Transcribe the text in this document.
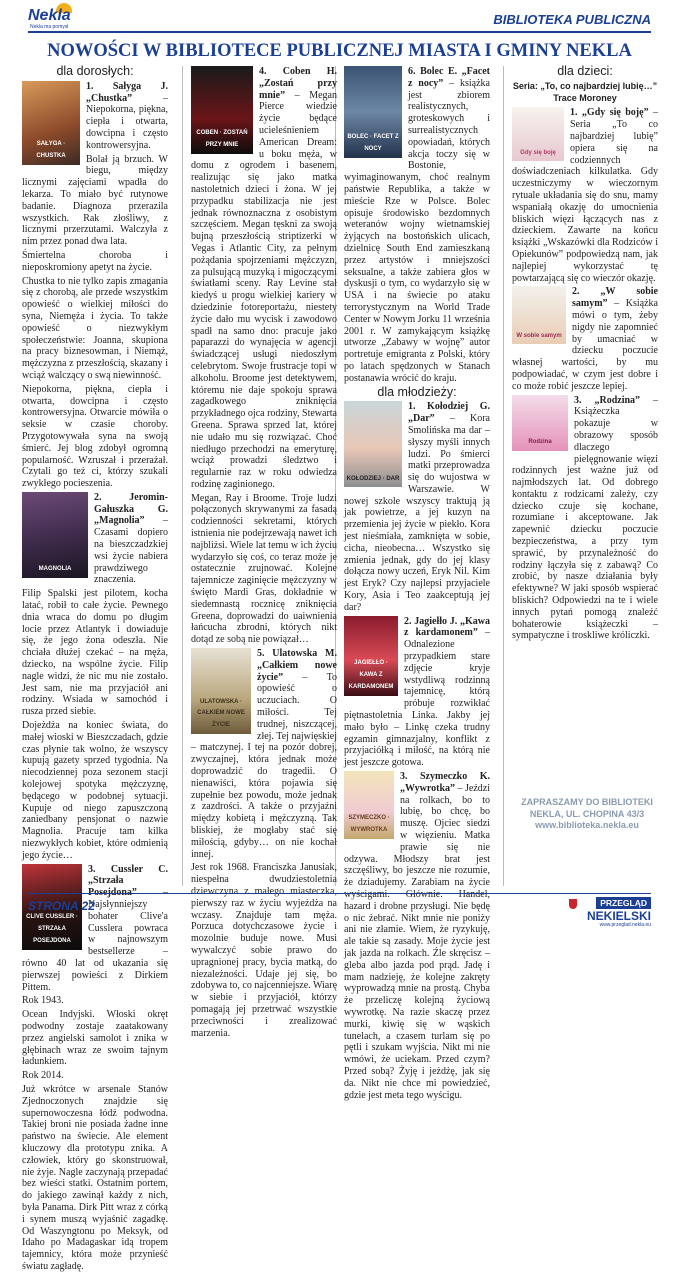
Nekla
Nekla ma pomysł	BIBLIOTEKA PUBLICZNA
NOWOŚCI W BIBLIOTECE PUBLICZNEJ MIASTA I GMINY NEKLA
dla dorosłych:
SAŁYGA · CHUSTKA

1. Sałyga J. „Chustka” – Niepokorna, piękna, ciepła i otwarta, dowcipna i często kontrowersyjna.

Bolał ją brzuch. W biegu, między licznymi zajęciami wpadła do lekarza. To miało być rutynowe badanie. Diagnoza przerazila wszystkich. Rak złośliwy, z licznymi przerzutami. Walczyła z nim przez ponad dwa lata.

Śmiertelna choroba i nieposkromiony apetyt na życie.

Chustka to nie tylko zapis zmagania się z chorobą, ale przede wszystkim opowieść o wielkiej miłości do syna, Niemęża i życia. To także opowieść o niezwykłym społeczeństwie: Joanna, skupiona na pracy biznesowman, i Niemąż, mężczyzna z przeszłością, skazany i wciąż walczący o swą niewinność.

Niepokorna, piękna, ciepła i otwarta, dowcipna i często kontrowersyjna. Otwarcie mówiła o seksie w czasie choroby. Przygotowywała syna na swoją śmierć. Jej blog zdobył ogromną popularność. Wzruszał i przerażał. Czytali go też ci, którzy szukali zwykłego pocieszenia.

MAGNOLIA

2. Jeromin-Gałuszka G. „Magnolia” – Czasami dopiero na bieszczadzkiej wsi życie nabiera prawdziwego znaczenia.

Filip Spalski jest pilotem, kocha latać, robił to całe życie. Pewnego dnia wraca do domu po długim locie przez Atlantyk i dowiaduje się, że jego żona odeszła. Nie chciała dłużej czekać – na męża, dziecko, na wspólne życie. Filip nagle widzi, że nic mu nie zostało. Jest sam, nie ma przyjaciół ani rodziny. Wsiada w samochód i rusza przed siebie.

Dojeżdża na koniec świata, do małej wioski w Bieszczadach, gdzie czas płynie tak wolno, że wszyscy kupują gazety sprzed tygodnia. Na niecodziennej poza sezonem stacji kolejowej spotyka mężczyznę, będącego w podobnej sytuacji. Kupuje od niego zapuszczoną zaniedbany pensjonat o nazwie Magnolia. Pracuje tam kilka niezwykłych kobiet, które odmienią jego życie…

CLIVE CUSSLER · STRZAŁA POSEJDONA

3. Cussler C. „Strzała Posejdona” – Najsłynniejszy bohater Clive'a Cusslera powraca w najnowszym bestsellerze – równo 40 lat od ukazania się pierwszej powieści z Dirkiem Pittem.

Rok 1943.

Ocean Indyjski. Włoski okręt podwodny zostaje zaatakowany przez angielski samolot i znika w głębinach wraz ze swoim tajnym ładunkiem.

Rok 2014.

Już wkrótce w arsenale Stanów Zjednoczonych znajdzie się supernowoczesna łódź podwodna. Takiej broni nie posiada żadne inne państwo na świecie. Ale element kluczowy dla prototypu znika. A człowiek, który go skonstruował, nie żyje. Nagle zaczynają przepadać bez wieści statki. Ostatnim portem, do jakiego zawinął każdy z nich, była Panama. Dirk Pitt wraz z córką i synem muszą wyjaśnić zagadkę. Od Waszyngtonu po Meksyk, od Idaho po Madagaskar idą tropem tajemnicy, która może przynieść światu zagładę.

COBEN · ZOSTAŃ PRZY MNIE

4. Coben H. „Zostań przy mnie” – Megan Pierce wiedzie życie będące ucieleśnieniem American Dream: u boku męża, w domu z ogrodem i basenem, realizując się jako matka nastoletnich dzieci i żona. W jej przypadku stabilizacja nie jest jednak równoznaczna z osobistym szczęściem. Megan tęskni za swoją bujną przeszłością striptizerki w Vegas i Atlantic City, za pełnym pożądania spojrzeniami mężczyzn, za pulsującą muzyką i migoczącymi światłami sceny. Ray Levine stał kiedyś u progu wielkiej kariery w dziedzinie fotoreportażu, niestety życie dało mu wycisk i zawodowo spadł na samo dno: pracuje jako paparazzi do wynajęcia w agencji świadczącej usługi niedoszłym celebrytom. Swoje frustracje topi w alkoholu. Broome jest detektywem, któremu nie daje spokoju sprawa zagadkowego zniknięcia przykładnego ojca rodziny, Stewarta Greena. Sprawa sprzed lat, której nie udało mu się rozwiązać. Choć niedługo przechodzi na emeryturę, wciąż prowadzi śledztwo i regularnie raz w roku odwiedza rodzinę zaginionego.

Megan, Ray i Broome. Troje ludzi połączonych skrywanymi za fasadą codzienności sekretami, których istnienia nie podejrzewają nawet ich najbliżsi. Wiele lat temu w ich życiu wydarzyło się coś, co teraz może je ostatecznie zrujnować. Kolejne tajemnicze zaginięcie mężczyzny w święto Mardi Gras, dokładnie w siedemnastą rocznicę zniknięcia Greena, doprowadzi do uaiwnienia łańcucha zbrodni, których nikt dotąd ze sobą nie powiązał…

ULATOWSKA · CAŁKIEM NOWE ŻYCIE

5. Ulatowska M. „Całkiem nowe życie” – To opowieść o uczuciach. O miłości. Tej trudnej, niszczącej, złej. Tej najwięskiej – matczynej. I tej na pozór dobrej, zwyczajnej, która jednak może doprowadzić do tragedii. O nienawiści, która pojawia się zupełnie bez powodu, może jednak z zazdrości. A także o przyjaźni między kobietą i mężczyzną. Tak bliskiej, że mogłaby stać się miłością, gdyby… on nie kochał innej.

Jest rok 1968. Franciszka Janusiak, niespełna dwudziestoletnia dziewczyna z małego miasteczka, pierwszy raz w życiu wyjeżdża na wczasy. Znajduje tam męża. Porzuca dotychczasowe życie i mozolnie buduje nowe. Musi wywalczyć sobie prawo do upragnionej pracy, bycia matką, do niezależności. Udaje jej się, bo zdobywa to, co najcenniejsze. Wiarę w siebie i przyjaciół, którzy pomagają jej przetrwać wszystkie przeciwności i zrealizować marzenia.

BOLEC · FACET Z NOCY

6. Bolec E. „Facet z nocy” – książka jest zbiorem realistycznych, groteskowych i surrealistycznych opowiadań, których akcja toczy się w Bostonie, wyimaginowanym, choć realnym państwie Republika, a także w mieście Rze w Polsce. Bolec opisuje środowisko bezdomnych weteranów wojny wietnamskiej żyjących na bostońskich ulicach, dzielnicę South End zamieszkaną przez artystów i mniejszości seksualne, a także zabiera głos w dyskusji o tym, co wydarzyło się w USA i na świecie po ataku terrorystycznym na World Trade Center w Nowym Jorku 11 września 2001 r. W zamykającym książkę utworze „Zabawy w wojnę” autor portretuje emigranta z Polski, który po latach spędzonych w Stanach postanawia wrócić do kraju.

dla młodzieży:
KOŁODZIEJ · DAR

1. Kołodziej G. „Dar” – Kora Smolińska ma dar – słyszy myśli innych ludzi. Po śmierci matki przeprowadza się do wujostwa w Warszawie. W nowej szkole wszyscy traktują ją jak powietrze, a jej kuzyn na przemienia jej życie w piekło. Kora jest nieśmiała, zamknięta w sobie, cicha, nieobecna… Wszystko się zmienia jednak, gdy do jej klasy dołącza nowy uczeń, Eryk Nil. Kim jest Eryk? Czy najlepsi przyjaciele Kory, Asia i Teo zaakceptują jej dar?

JAGIEŁŁO · KAWA Z KARDAMONEM

2. Jagiełło J. „Kawa z kardamonem” – Odnalezione przypadkiem stare zdjęcie kryje wstydliwą rodzinną tajemnicę, którą próbuje rozwikłać piętnastoletnia Linka. Jakby jej mało było – Linkę czeka trudny egzamin gimnazjalny, konflikt z przyjaciółką i miłość, na którą nie jest jeszcze gotowa.

SZYMECZKO · WYWROTKA

3. Szymeczko K. „Wywrotka” – Jeździ na rolkach, bo to lubię, bo chcę, bo muszę. Ojciec siedzi w więzieniu. Matka prawie się nie odzywa. Młodszy brat jest szczęśliwy, bo jeszcze nie rozumie, że dziadujemy. Zarabiam na życie wyścigami. Głównie. Handel, hazard i drobne przysługi. Nie będę o nic żebrać. Nikt mnie nie poniży ani nie złamie. Wiem, że ryzykuję, ale takie są zasady. Moje życie jest jak jazda na rolkach. Źle skręcisz – gleba albo jazda pod prąd. Jadę i mam nadzieję, że kolejne zakręty wyprowadzą mnie na prostą. Chyba że przeliczę kolejną życiową wywrotkę. Na razie skaczę przez murki, kiwię się w wąskich tunelach, a czasem turlam się po pętli i szukam wyjścia. Nikt mi nie wmówi, że uciekam. Przed czym? Przed sobą? Żyję i jeżdżę, jak się da. Nikt nie chce mi powiedzieć, gdzie jest meta tego wyścigu.

dla dzieci:
Seria: „To, co najbardziej lubię…” Trace Moroney
Gdy się boję

1. „Gdy się boję” – Seria „To co najbardziej lubię” opiera się na codziennych doświadczeniach kilkulatka. Gdy uczestniczymy w wieczornym rytuale układania się do snu, mamy wspaniałą okazję do umocnienia bliskich więzi łączących nas z dzieckiem. Zawarte na końcu książki „Wskazówki dla Rodziców i Opiekunów” podpowiedzą nam, jak najlepiej wykorzystać tę powtarzającą się co wieczór okazję.

W sobie samym

2. „W sobie samym” – Książka mówi o tym, żeby nigdy nie zapomnieć by umacniać w dziecku poczucie własnej wartości, by mu podpowiadać, w czym jest dobre i co może robić jeszcze lepiej.

Rodzina

3. „Rodzina” – Książeczka pokazuje w obrazowy sposób dlaczego pielęgnowanie więzi rodzinnych jest ważne już od najmłodszych lat. Od dobrego kontaktu z rodzicami zależy, czy dziecko czuje się kochane, rozumiane i akceptowane. Jak zapewnić dziecku poczucie bezpieczeństwa, a przy tym sprawić, by przynależność do rodziny łączyła się z zabawą? Co zrobić, by nasze działania były efektywne? W jaki sposób wspierać bliskich? Odpowiedzi na te i wiele innych pytań pomogą znaleźć bohaterowie książeczki – sympatyczne i troskliwe króliczki.

ZAPRASZAMY DO BIBLIOTEKI
NEKLA, UL. CHOPINA 43/3
www.biblioteka.nekla.eu
STRONA 22	PRZEGLĄD
NEKIELSKI
www.przeglad.nekla.eu
